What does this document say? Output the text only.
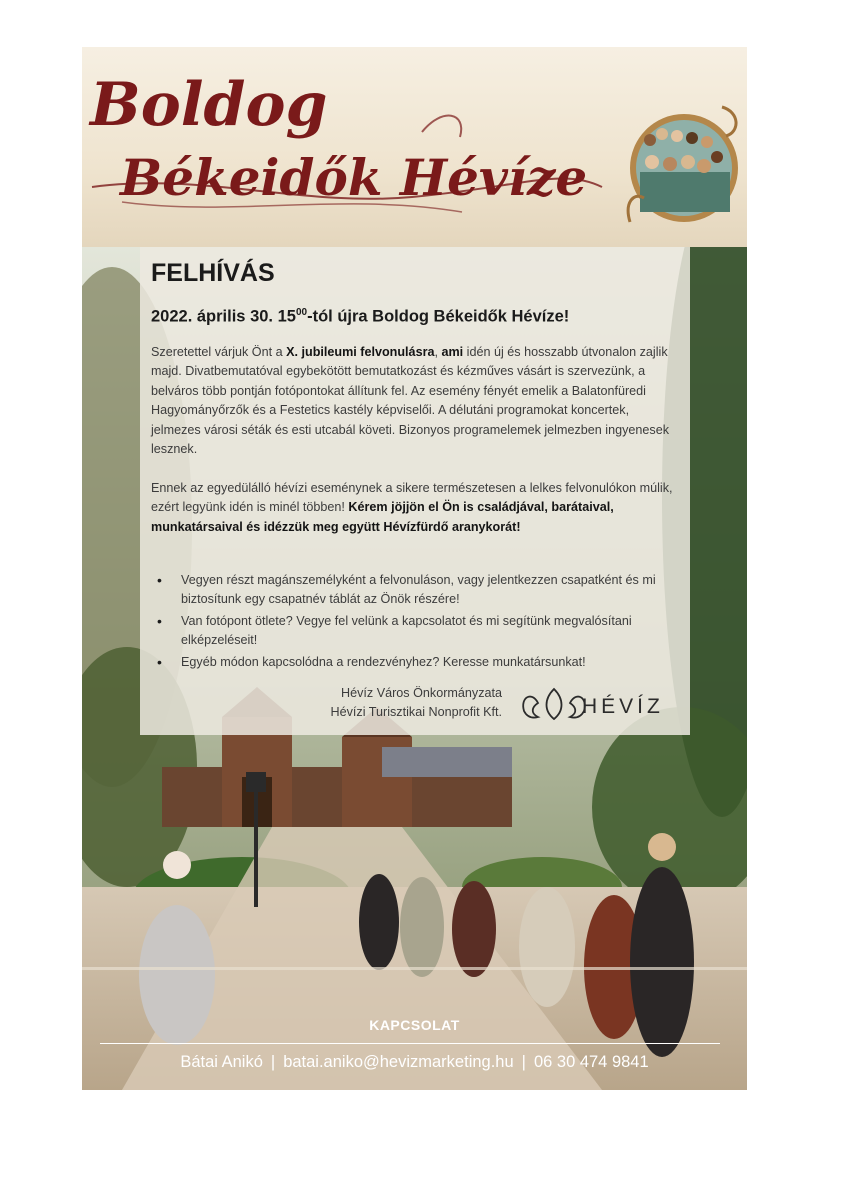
Boldog
Békeidők Hévíze
FELHÍVÁS
2022. április 30. $15^{00}$-tól újra Boldog Békeidők Hévíze!

Szeretettel várjuk Önt a X. jubileumi felvonulásra, ami idén új és hosszabb útvonalon zajlik majd. Divatbemutatóval egybekötött bemutatkozást és kézműves vásárt is szervezünk, a belváros több pontján fotópontokat állítunk fel. Az esemény fényét emelik a Balatonfüredi Hagyományőrzők és a Festetics kastély képviselői. A délutáni programokat koncertek, jelmezes városi séták és esti utcabál követi. Bizonyos programelemek jelmezben ingyenesek lesznek.

Ennek az egyedülálló hévízi eseménynek a sikere természetesen a lelkes felvonulókon múlik, ezért legyünk idén is minél többen! Kérem jöjjön el Ön is családjával, barátaival, munkatársaival és idézzük meg együtt Hévízfürdő aranykorát!

• Vegyen részt magánszemélyként a felvonuláson, vagy jelentkezzen csapatként és mi biztosítunk egy csapatnév táblát az Önök részére!
• Van fotópont ötlete? Vegye fel velünk a kapcsolatot és mi segítünk megvalósítani elképzeléseit!
• Egyéb módon kapcsolódna a rendezvényhez? Keresse munkatársunkat!
Hévíz Város Önkormányzata
Hévízi Turisztikai Nonprofit Kft.	HÉVÍZ
KAPCSOLAT
Bátai Anikó | batai.aniko@hevizmarketing.hu | 06 30 474 9841
